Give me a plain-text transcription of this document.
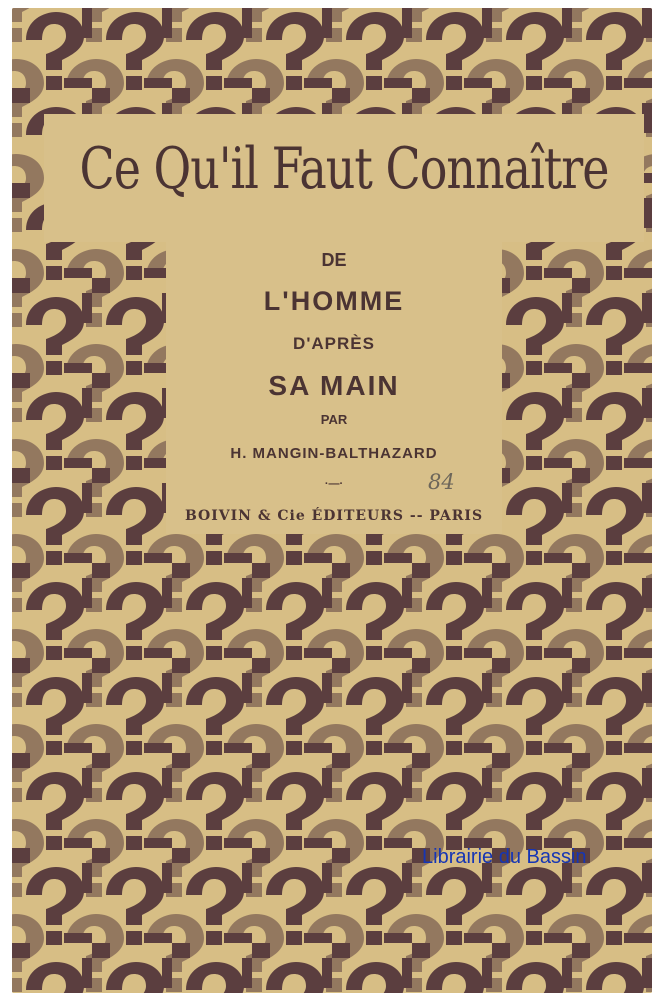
Ce Qu'il Faut Connaître
DE
L'HOMME
D'APRÈS
SA MAIN
PAR
H. MANGIN-BALTHAZARD
·—·	84
BOIVIN & Cie ÉDITEURS -- PARIS
Librairie du Bassin
